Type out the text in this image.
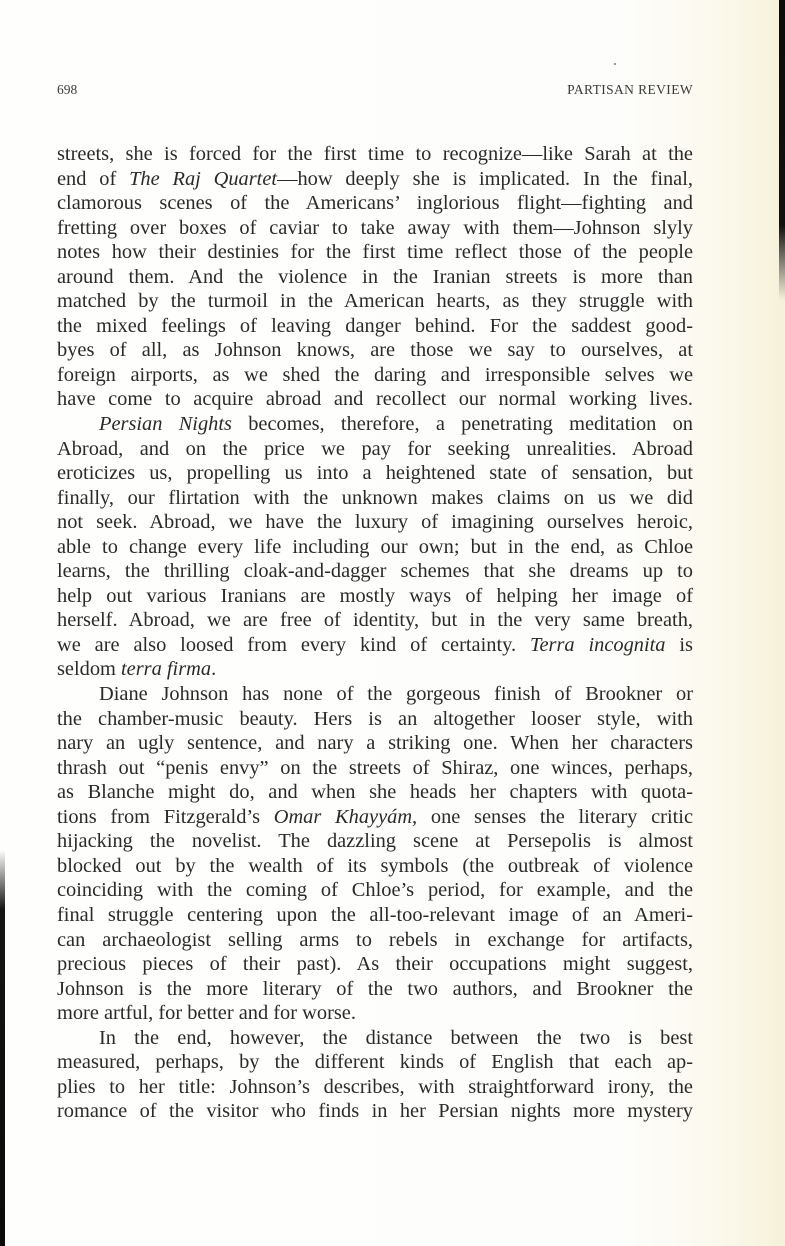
698	PARTISAN REVIEW
streets, she is forced for the first time to recognize—like Sarah at the
end of The Raj Quartet—how deeply she is implicated. In the final,
clamorous scenes of the Americans’ inglorious flight—fighting and
fretting over boxes of caviar to take away with them—Johnson slyly
notes how their destinies for the first time reflect those of the people
around them. And the violence in the Iranian streets is more than
matched by the turmoil in the American hearts, as they struggle with
the mixed feelings of leaving danger behind. For the saddest good-
byes of all, as Johnson knows, are those we say to ourselves, at
foreign airports, as we shed the daring and irresponsible selves we
have come to acquire abroad and recollect our normal working lives.
Persian Nights becomes, therefore, a penetrating meditation on
Abroad, and on the price we pay for seeking unrealities. Abroad
eroticizes us, propelling us into a heightened state of sensation, but
finally, our flirtation with the unknown makes claims on us we did
not seek. Abroad, we have the luxury of imagining ourselves heroic,
able to change every life including our own; but in the end, as Chloe
learns, the thrilling cloak-and-dagger schemes that she dreams up to
help out various Iranians are mostly ways of helping her image of
herself. Abroad, we are free of identity, but in the very same breath,
we are also loosed from every kind of certainty. Terra incognita is
seldom terra firma.
Diane Johnson has none of the gorgeous finish of Brookner or
the chamber-music beauty. Hers is an altogether looser style, with
nary an ugly sentence, and nary a striking one. When her characters
thrash out “penis envy” on the streets of Shiraz, one winces, perhaps,
as Blanche might do, and when she heads her chapters with quota-
tions from Fitzgerald’s Omar Khayyám, one senses the literary critic
hijacking the novelist. The dazzling scene at Persepolis is almost
blocked out by the wealth of its symbols (the outbreak of violence
coinciding with the coming of Chloe’s period, for example, and the
final struggle centering upon the all-too-relevant image of an Ameri-
can archaeologist selling arms to rebels in exchange for artifacts,
precious pieces of their past). As their occupations might suggest,
Johnson is the more literary of the two authors, and Brookner the
more artful, for better and for worse.
In the end, however, the distance between the two is best
measured, perhaps, by the different kinds of English that each ap-
plies to her title: Johnson’s describes, with straightforward irony, the
romance of the visitor who finds in her Persian nights more mystery
